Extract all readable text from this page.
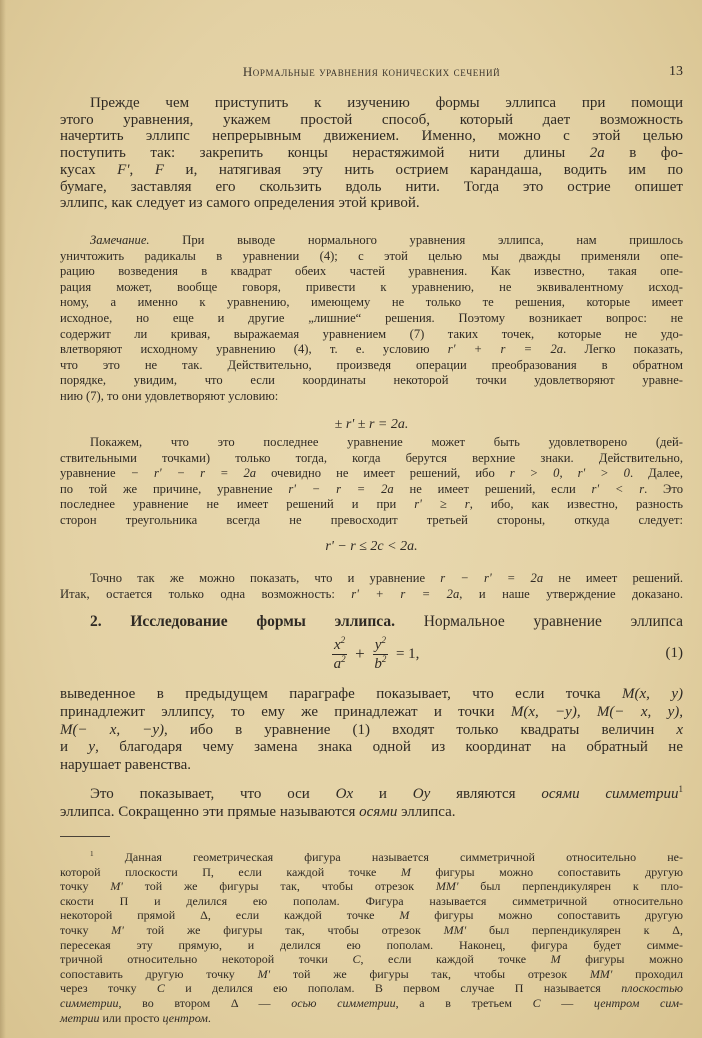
Нормальные уравнения конических сечений	13
Прежде чем приступить к изучению формы эллипса при помощи
этого уравнения, укажем простой способ, который дает возможность
начертить эллипс непрерывным движением. Именно, можно с этой целью
поступить так: закрепить концы нерастяжимой нити длины 2a в фо-
кусах F', F и, натягивая эту нить острием карандаша, водить им по
бумаге, заставляя его скользить вдоль нити. Тогда это острие опишет
эллипс, как следует из самого определения этой кривой.
Замечание. При выводе нормального уравнения эллипса, нам пришлось
уничтожить радикалы в уравнении (4); с этой целью мы дважды применяли опе-
рацию возведения в квадрат обеих частей уравнения. Как известно, такая опе-
рация может, вообще говоря, привести к уравнению, не эквивалентному исход-
ному, а именно к уравнению, имеющему не только те решения, которые имеет
исходное, но еще и другие „лишние“ решения. Поэтому возникает вопрос: не
содержит ли кривая, выражаемая уравнением (7) таких точек, которые не удо-
влетворяют исходному уравнению (4), т. е. условию r' + r = 2a. Легко показать,
что это не так. Действительно, произведя операции преобразования в обратном
порядке, увидим, что если координаты некоторой точки удовлетворяют уравне-
нию (7), то они удовлетворяют условию:
Покажем, что это последнее уравнение может быть удовлетворено (дей-
ствительными точками) только тогда, когда берутся верхние знаки. Действительно,
уравнение − r' − r = 2a очевидно не имеет решений, ибо r > 0, r' > 0. Далее,
по той же причине, уравнение r' − r = 2a не имеет решений, если r' < r. Это
последнее уравнение не имеет решений и при r' ≥ r, ибо, как известно, разность
сторон треугольника всегда не превосходит третьей стороны, откуда следует:
Точно так же можно показать, что и уравнение r − r' = 2a не имеет решений.
Итак, остается только одна возможность: r' + r = 2a, и наше утверждение доказано.
2. Исследование формы эллипса. Нормальное уравнение эллипса
выведенное в предыдущем параграфе показывает, что если точка M(x, y)
принадлежит эллипсу, то ему же принадлежат и точки M(x, −y), M(− x, y),
M(− x, −y), ибо в уравнение (1) входят только квадраты величин x
и y, благодаря чему замена знака одной из координат на обратный не
нарушает равенства.
Это показывает, что оси Ox и Oy являются осями симметрии$^1$
эллипса. Сокращенно эти прямые называются осями эллипса.
$^1$ Данная геометрическая фигура называется симметричной относительно не-
которой плоскости П, если каждой точке M фигуры можно сопоставить другую
точку M' той же фигуры так, чтобы отрезок MM' был перпендикулярен к пло-
скости П и делился ею пополам. Фигура называется симметричной относительно
некоторой прямой Δ, если каждой точке M фигуры можно сопоставить другую
точку M' той же фигуры так, чтобы отрезок MM' был перпендикулярен к Δ,
пересекая эту прямую, и делился ею пополам. Наконец, фигура будет симме-
тричной относительно некоторой точки C, если каждой точке M фигуры можно
сопоставить другую точку M' той же фигуры так, чтобы отрезок MM' проходил
через точку C и делился ею пополам. В первом случае П называется плоскостью
симметрии, во втором Δ — осью симметрии, а в третьем C — центром сим-
метрии или просто центром.
± r' ± r = 2a.
r' − r ≤ 2c < 2a.
$\frac{x^2}{a^2} + \frac{y^2}{b^2} = 1$,	(1)
